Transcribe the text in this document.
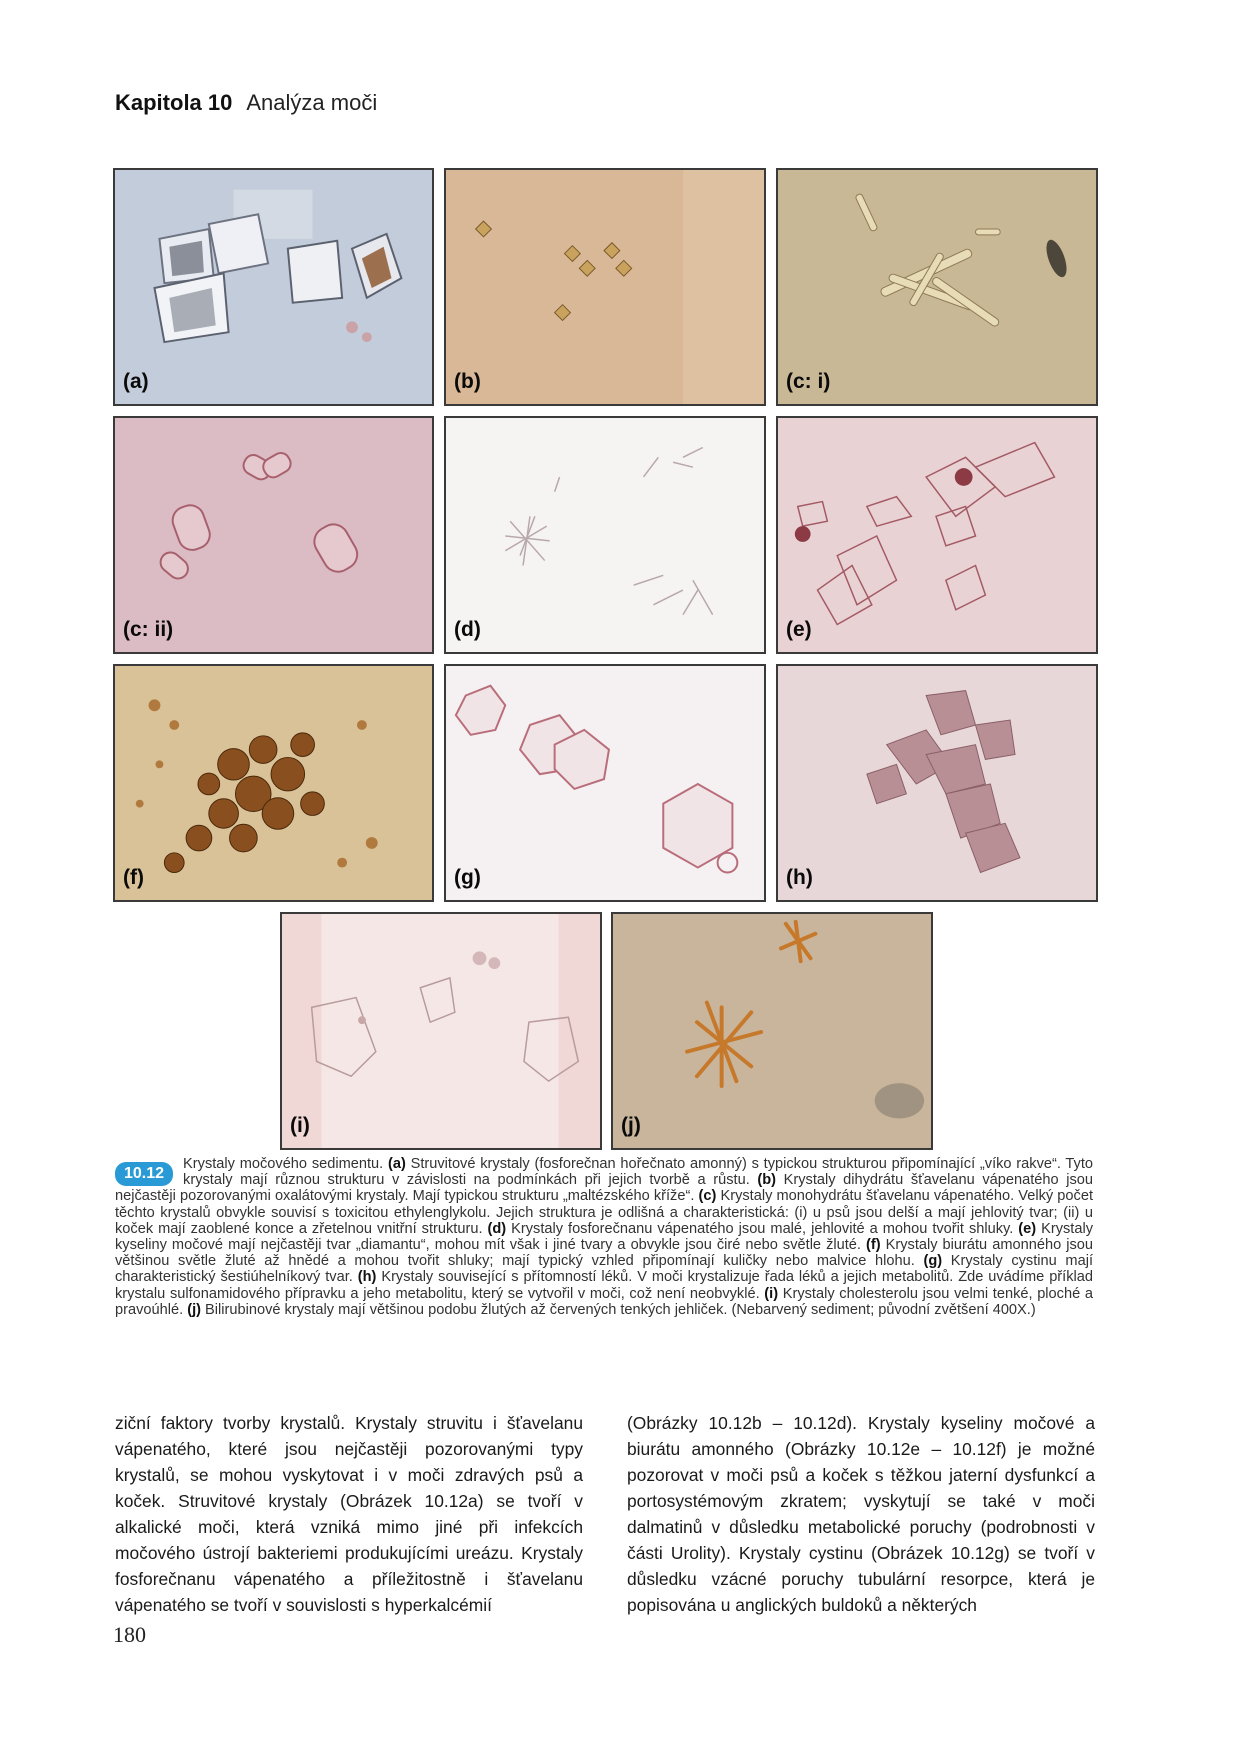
Kapitola 10 Analýza moči
(a)	(b)	(c: i)
(c: ii)	(d)	(e)
(f)	(g)	(h)
(i)	(j)
10.12
Krystaly močového sedimentu. (a) Struvitové krystaly (fosforečnan hořečnato amonný) s typickou strukturou připomínající „víko rakve“. Tyto krystaly mají různou strukturu v závislosti na podmínkách při jejich tvorbě a růstu. (b) Krystaly dihydrátu šťavelanu vápenatého jsou nejčastěji pozorovanými oxalátovými krystaly. Mají typickou strukturu „maltézského kříže“. (c) Krystaly monohydrátu šťavelanu vápenatého. Velký počet těchto krystalů obvykle souvisí s toxicitou ethylenglykolu. Jejich struktura je odlišná a charakteristická: (i) u psů jsou delší a mají jehlovitý tvar; (ii) u koček mají zaoblené konce a zřetelnou vnitřní strukturu. (d) Krystaly fosforečnanu vápenatého jsou malé, jehlovité a mohou tvořit shluky. (e) Krystaly kyseliny močové mají nejčastěji tvar „diamantu“, mohou mít však i jiné tvary a obvykle jsou čiré nebo světle žluté. (f) Krystaly biurátu amonného jsou většinou světle žluté až hnědé a mohou tvořit shluky; mají typický vzhled připomínají kuličky nebo malvice hlohu. (g) Krystaly cystinu mají charakteristický šestiúhelníkový tvar. (h) Krystaly související s přítomností léků. V moči krystalizuje řada léků a jejich metabolitů. Zde uvádíme příklad krystalu sulfonamidového přípravku a jeho metabolitu, který se vytvořil v moči, což není neobvyklé. (i) Krystaly cholesterolu jsou velmi tenké, ploché a pravoúhlé. (j) Bilirubinové krystaly mají většinou podobu žlutých až červených tenkých jehliček. (Nebarvený sediment; původní zvětšení 400X.)
ziční faktory tvorby krystalů. Krystaly struvitu i šťavelanu vápenatého, které jsou nejčastěji pozorovanými typy krystalů, se mohou vyskytovat i v moči zdravých psů a koček. Struvitové krystaly (Obrázek 10.12a) se tvoří v alkalické moči, která vzniká mimo jiné při infekcích močového ústrojí bakteriemi produkujícími ureázu. Krystaly fosforečnanu vápenatého a příležitostně i šťavelanu vápenatého se tvoří v souvislosti s hyperkalcémií
(Obrázky 10.12b – 10.12d). Krystaly kyseliny močové a biurátu amonného (Obrázky 10.12e – 10.12f) je možné pozorovat v moči psů a koček s těžkou jaterní dysfunkcí a portosystémovým zkratem; vyskytují se také v moči dalmatinů v důsledku metabolické poruchy (podrobnosti v části Urolity). Krystaly cystinu (Obrázek 10.12g) se tvoří v důsledku vzácné poruchy tubulární resorpce, která je popisována u anglických buldoků a některých
180
